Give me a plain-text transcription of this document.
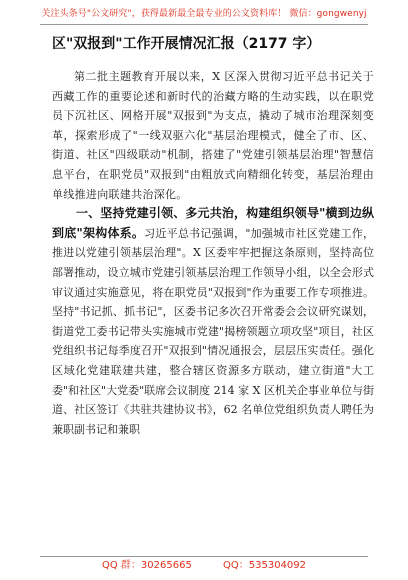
关注头条号"公文研究"，获得最新最全最专业的公文资料库！ 微信：gongwenyj
区"双报到"工作开展情况汇报（2177 字）

第二批主题教育开展以来，X 区深入贯彻习近平总书记关于西藏工作的重要论述和新时代的治藏方略的生动实践，以在职党员下沉社区、网格开展"双报到"为支点，撬动了城市治理深刻变革，探索形成了"一线双驱六化"基层治理模式，健全了市、区、街道、社区"四级联动"机制，搭建了"党建引领基层治理"智慧信息平台，在职党员"双报到"由粗放式向精细化转变，基层治理由单线推进向联建共治深化。

一、坚持党建引领、多元共治，构建组织领导"横到边纵到底"架构体系。习近平总书记强调，"加强城市社区党建工作，推进以党建引领基层治理"。X 区委牢牢把握这条原则，坚持高位部署推动，设立城市党建引领基层治理工作领导小组，以全会形式审议通过实施意见，将在职党员"双报到"作为重要工作专项推进。坚持"书记抓、抓书记"，区委书记多次召开常委会会议研究谋划，街道党工委书记带头实施城市党建"揭榜领题立项攻坚"项目，社区党组织书记每季度召开"双报到"情况通报会，层层压实责任。强化区域化党建联建共建，整合辖区资源多方联动，建立街道"大工委"和社区"大党委"联席会议制度 214 家 X 区机关企事业单位与街道、社区签订《共驻共建协议书》，62 名单位党组织负责人聘任为兼职副书记和兼职

QQ 群：30265665	QQ：535304092
